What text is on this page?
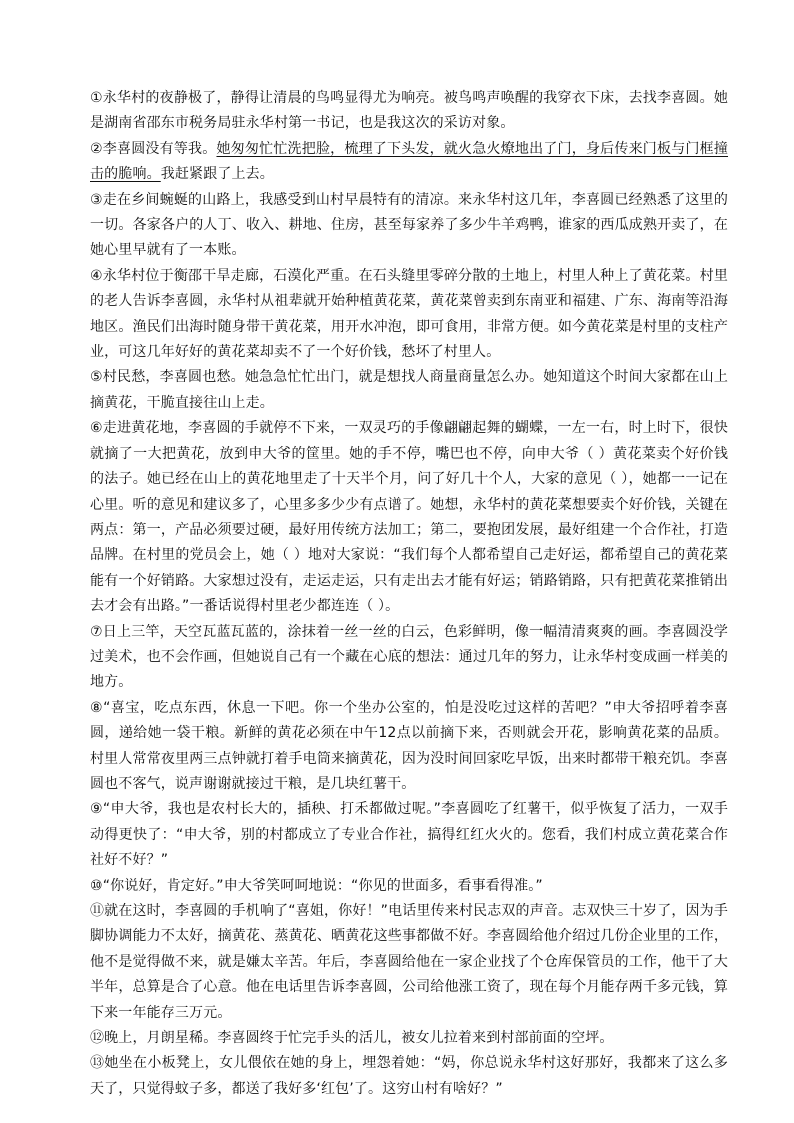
①永华村的夜静极了，静得让清晨的鸟鸣显得尤为响亮。被鸟鸣声唤醒的我穿衣下床，去找李喜圆。她是湖南省邵东市税务局驻永华村第一书记，也是我这次的采访对象。

②李喜圆没有等我。她匆匆忙忙洗把脸，梳理了下头发，就火急火燎地出了门，身后传来门板与门框撞击的脆响。我赶紧跟了上去。

③走在乡间蜿蜒的山路上，我感受到山村早晨特有的清凉。来永华村这几年，李喜圆已经熟悉了这里的一切。各家各户的人丁、收入、耕地、住房，甚至每家养了多少牛羊鸡鸭，谁家的西瓜成熟开卖了，在她心里早就有了一本账。

④永华村位于衡邵干旱走廊，石漠化严重。在石头缝里零碎分散的土地上，村里人种上了黄花菜。村里的老人告诉李喜圆，永华村从祖辈就开始种植黄花菜，黄花菜曾卖到东南亚和福建、广东、海南等沿海地区。渔民们出海时随身带干黄花菜，用开水冲泡，即可食用，非常方便。如今黄花菜是村里的支柱产业，可这几年好好的黄花菜却卖不了一个好价钱，愁坏了村里人。

⑤村民愁，李喜圆也愁。她急急忙忙出门，就是想找人商量商量怎么办。她知道这个时间大家都在山上摘黄花，干脆直接往山上走。

⑥走进黄花地，李喜圆的手就停不下来，一双灵巧的手像翩翩起舞的蝴蝶，一左一右，时上时下，很快就摘了一大把黄花，放到申大爷的筐里。她的手不停，嘴巴也不停，向申大爷（ ）黄花菜卖个好价钱的法子。她已经在山上的黄花地里走了十天半个月，问了好几十个人，大家的意见（ ），她都一一记在心里。听的意见和建议多了，心里多多少少有点谱了。她想，永华村的黄花菜想要卖个好价钱，关键在两点：第一，产品必须要过硬，最好用传统方法加工；第二，要抱团发展，最好组建一个合作社，打造品牌。在村里的党员会上，她（ ）地对大家说：“我们每个人都希望自己走好运，都希望自己的黄花菜能有一个好销路。大家想过没有，走运走运，只有走出去才能有好运；销路销路，只有把黄花菜推销出去才会有出路。”一番话说得村里老少都连连（ ）。

⑦日上三竿，天空瓦蓝瓦蓝的，涂抹着一丝一丝的白云，色彩鲜明，像一幅清清爽爽的画。李喜圆没学过美术，也不会作画，但她说自己有一个藏在心底的想法：通过几年的努力，让永华村变成画一样美的地方。

⑧“喜宝，吃点东西，休息一下吧。你一个坐办公室的，怕是没吃过这样的苦吧？”申大爷招呼着李喜圆，递给她一袋干粮。新鲜的黄花必须在中午12点以前摘下来，否则就会开花，影响黄花菜的品质。村里人常常夜里两三点钟就打着手电筒来摘黄花，因为没时间回家吃早饭，出来时都带干粮充饥。李喜圆也不客气，说声谢谢就接过干粮，是几块红薯干。

⑨“申大爷，我也是农村长大的，插秧、打禾都做过呢。”李喜圆吃了红薯干，似乎恢复了活力，一双手动得更快了：“申大爷，别的村都成立了专业合作社，搞得红红火火的。您看，我们村成立黄花菜合作社好不好？”

⑩“你说好，肯定好。”申大爷笑呵呵地说：“你见的世面多，看事看得准。”

⑪就在这时，李喜圆的手机响了“喜姐，你好！”电话里传来村民志双的声音。志双快三十岁了，因为手脚协调能力不太好，摘黄花、蒸黄花、晒黄花这些事都做不好。李喜圆给他介绍过几份企业里的工作，他不是觉得做不来，就是嫌太辛苦。年后，李喜圆给他在一家企业找了个仓库保管员的工作，他干了大半年，总算是合了心意。他在电话里告诉李喜圆，公司给他涨工资了，现在每个月能存两千多元钱，算下来一年能存三万元。

⑫晚上，月朗星稀。李喜圆终于忙完手头的活儿，被女儿拉着来到村部前面的空坪。

⑬她坐在小板凳上，女儿偎依在她的身上，埋怨着她：“妈，你总说永华村这好那好，我都来了这么多天了，只觉得蚊子多，都送了我好多‘红包’了。这穷山村有啥好？”
